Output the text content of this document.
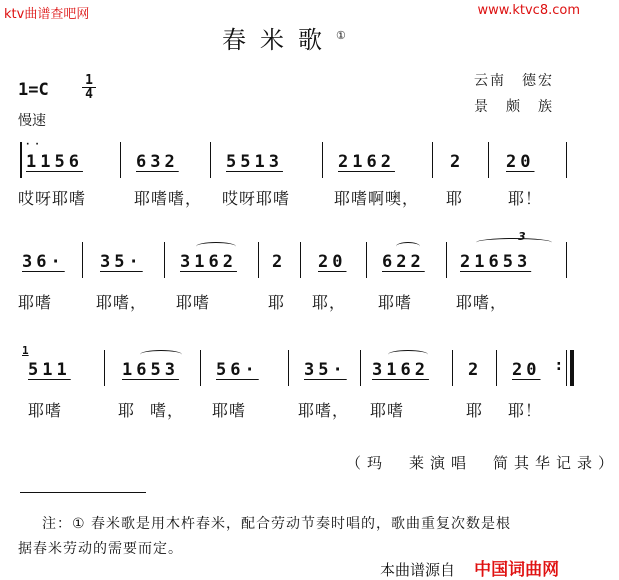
ktv曲谱查吧网	www.ktvc8.com
春米歌①
1=C	1
4
慢速
云南　德宏
景　颇　族
1156	632	5513	2162	2 20
··
哎呀耶嗜	耶嗜嗜， 哎呀耶嗜	耶嗜啊噢， 耶	耶！
36· 35· 3162 2 20 622
3
21653
耶嗜	耶嗜， 耶嗜	耶 耶， 耶嗜	耶嗜，
1
511	1653 56·	35· 3162 2 20 :
耶嗜	耶 嗜， 耶嗜	耶嗜， 耶嗜	耶 耶！
（玛　莱演唱　简其华记录）
注：① 春米歌是用木杵春米，配合劳动节奏时唱的，歌曲重复次数是根
据春米劳动的需要而定。
本曲谱源自 中国词曲网
